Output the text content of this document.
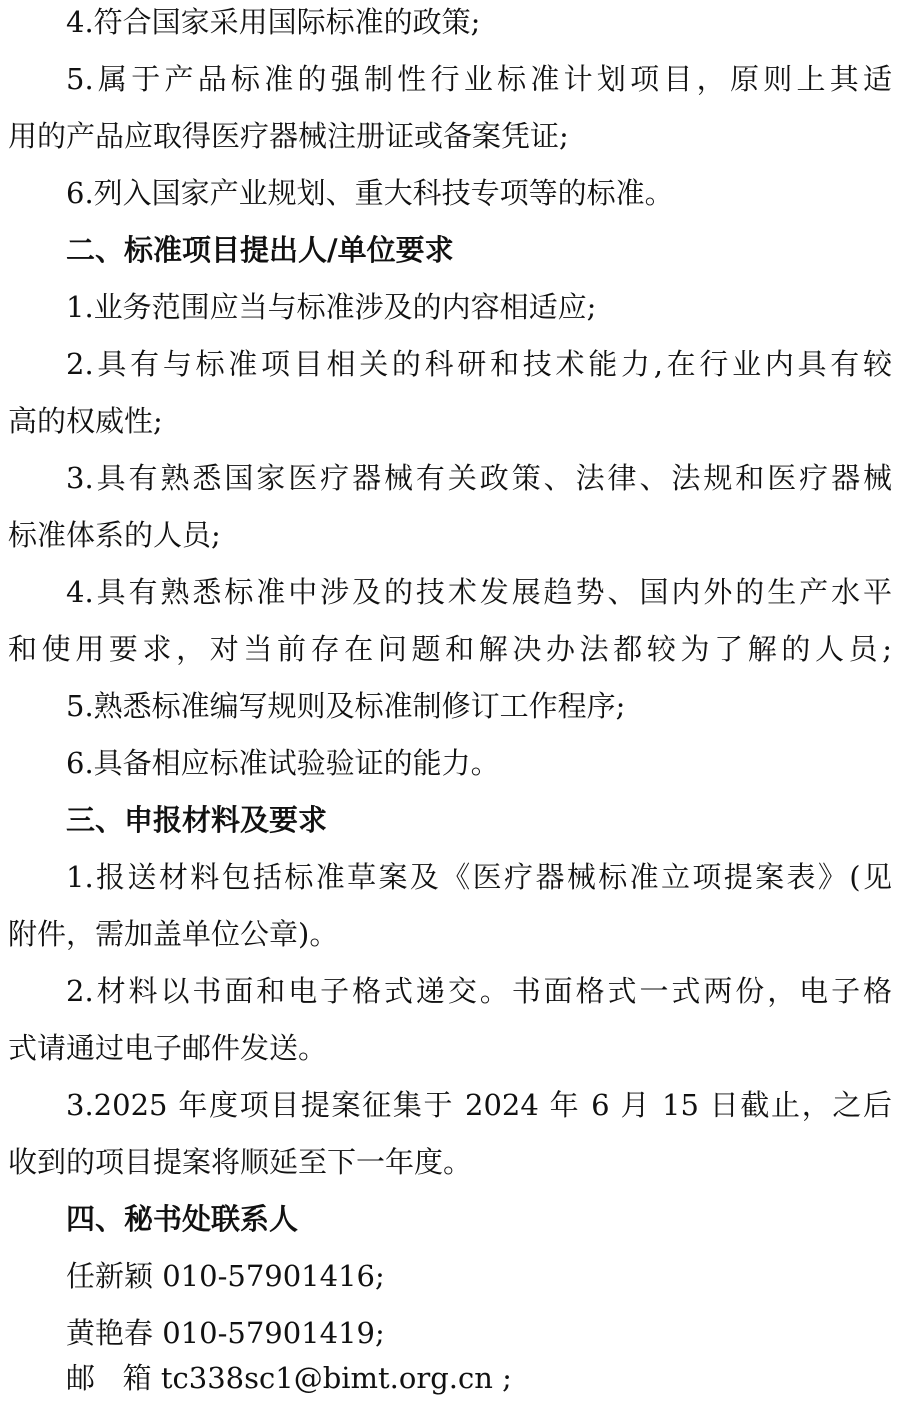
4.符合国家采用国际标准的政策;
5.属于产品标准的强制性行业标准计划项目，原则上其适
用的产品应取得医疗器械注册证或备案凭证;
6.列入国家产业规划、重大科技专项等的标准。
二、标准项目提出人/单位要求
1.业务范围应当与标准涉及的内容相适应;
2.具有与标准项目相关的科研和技术能力,在行业内具有较
高的权威性;
3.具有熟悉国家医疗器械有关政策、法律、法规和医疗器械
标准体系的人员;
4.具有熟悉标准中涉及的技术发展趋势、国内外的生产水平
和使用要求，对当前存在问题和解决办法都较为了解的人员;
5.熟悉标准编写规则及标准制修订工作程序;
6.具备相应标准试验验证的能力。
三、申报材料及要求
1.报送材料包括标准草案及《医疗器械标准立项提案表》(见
附件，需加盖单位公章)。
2.材料以书面和电子格式递交。书面格式一式两份，电子格
式请通过电子邮件发送。
3.2025 年度项目提案征集于 2024 年 6 月 15 日截止，之后
收到的项目提案将顺延至下一年度。
四、秘书处联系人
任新颖 010-57901416;
黄艳春 010-57901419;
邮   箱 tc338sc1@bimt.org.cn ;
